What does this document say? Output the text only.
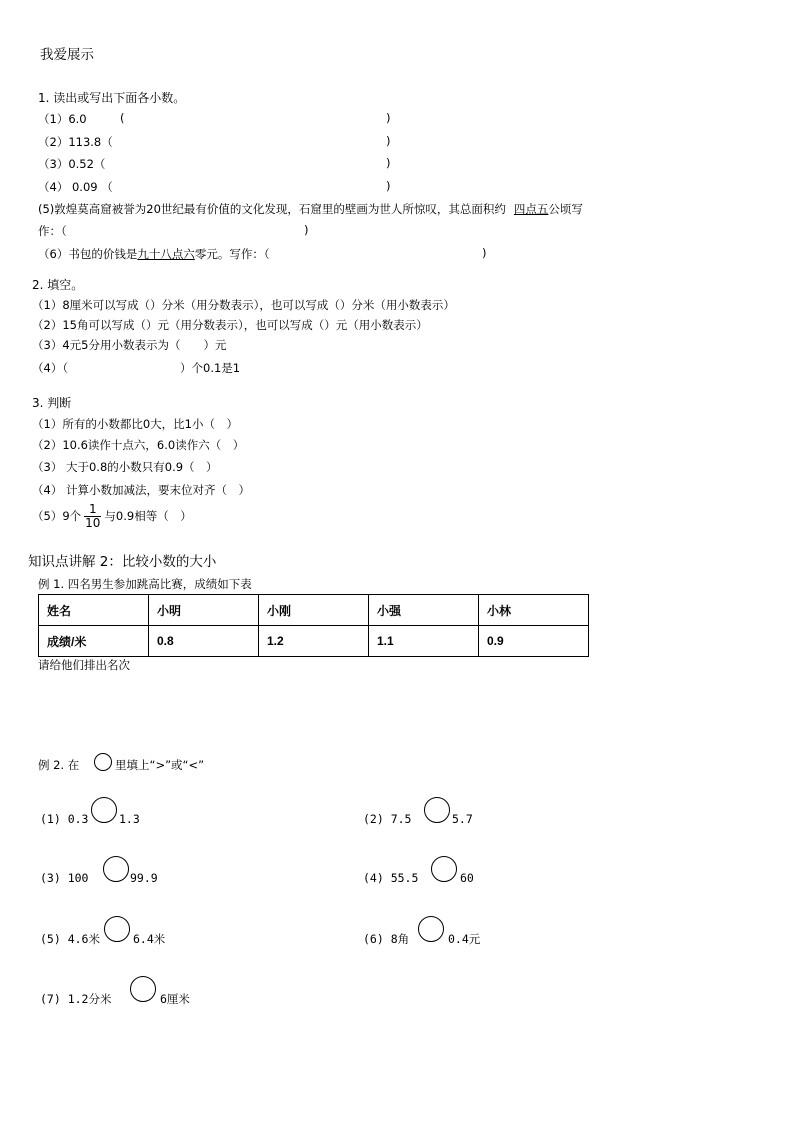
我爱展示
1. 读出或写出下面各小数。
（1）6.0	(	)
（2）113.8（	)
（3）0.52（	)
（4） 0.09 （	)
(5)敦煌莫高窟被誉为20世纪最有价值的文化发现，石窟里的壁画为世人所惊叹，其总面积约 四点五公顷写
作：（	)
（6）书包的价钱是九十八点六零元。写作：（	)
2. 填空。
（1）8厘米可以写成（）分米（用分数表示），也可以写成（）分米（用小数表示）
（2）15角可以写成（）元（用分数表示），也可以写成（）元（用小数表示）
（3）4元5分用小数表示为（　　）元
（4）（	）个0.1是1
3. 判断
（1）所有的小数都比0大，比1小（　）
（2）10.6读作十点六，6.0读作六（　）
（3） 大于0.8的小数只有0.9（　）
（4） 计算小数加减法，要末位对齐（　）
（5）9个 $\frac{1}{10}$ 与0.9相等（　）
知识点讲解 2：比较小数的大小
例 1. 四名男生参加跳高比赛，成绩如下表
姓名	小明	小刚	小强	小林
成绩/米	0.8	1.2	1.1	0.9
请给他们排出名次
例 2. 在	里填上“>”或“<”
(1) 0.3	1.3	(2) 7.5	5.7
(3) 100	99.9	(4) 55.5	60
(5) 4.6米	6.4米	(6) 8角	0.4元
(7) 1.2分米	6厘米
